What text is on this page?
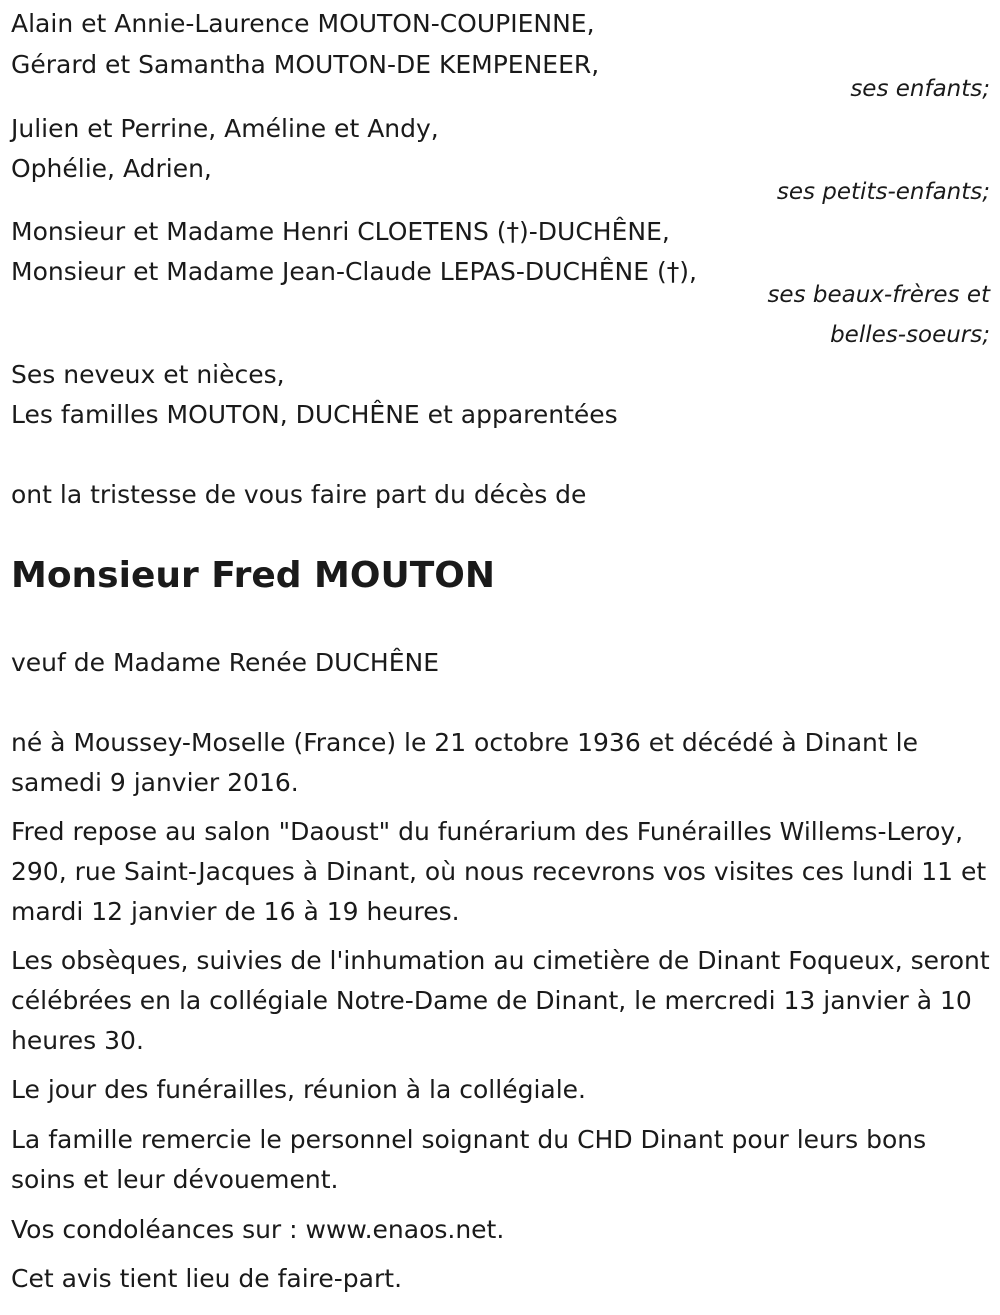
Alain et Annie-Laurence MOUTON-COUPIENNE,
Gérard et Samantha MOUTON-DE KEMPENEER,
ses enfants;
Julien et Perrine, Améline et Andy,
Ophélie, Adrien,
ses petits-enfants;
Monsieur et Madame Henri CLOETENS (†)-DUCHÊNE,
Monsieur et Madame Jean-Claude LEPAS-DUCHÊNE (†),
ses beaux-frères et
belles-soeurs;
Ses neveux et nièces,
Les familles MOUTON, DUCHÊNE et apparentées
ont la tristesse de vous faire part du décès de
Monsieur Fred MOUTON
veuf de Madame Renée DUCHÊNE
né à Moussey-Moselle (France) le 21 octobre 1936 et décédé à Dinant le samedi 9 janvier 2016.
Fred repose au salon "Daoust" du funérarium des Funérailles Willems-Leroy, 290, rue Saint-Jacques à Dinant, où nous recevrons vos visites ces lundi 11 et mardi 12 janvier de 16 à 19 heures.
Les obsèques, suivies de l'inhumation au cimetière de Dinant Foqueux, seront célébrées en la collégiale Notre-Dame de Dinant, le mercredi 13 janvier à 10 heures 30.
Le jour des funérailles, réunion à la collégiale.
La famille remercie le personnel soignant du CHD Dinant pour leurs bons soins et leur dévouement.
Vos condoléances sur : www.enaos.net.
Cet avis tient lieu de faire-part.
